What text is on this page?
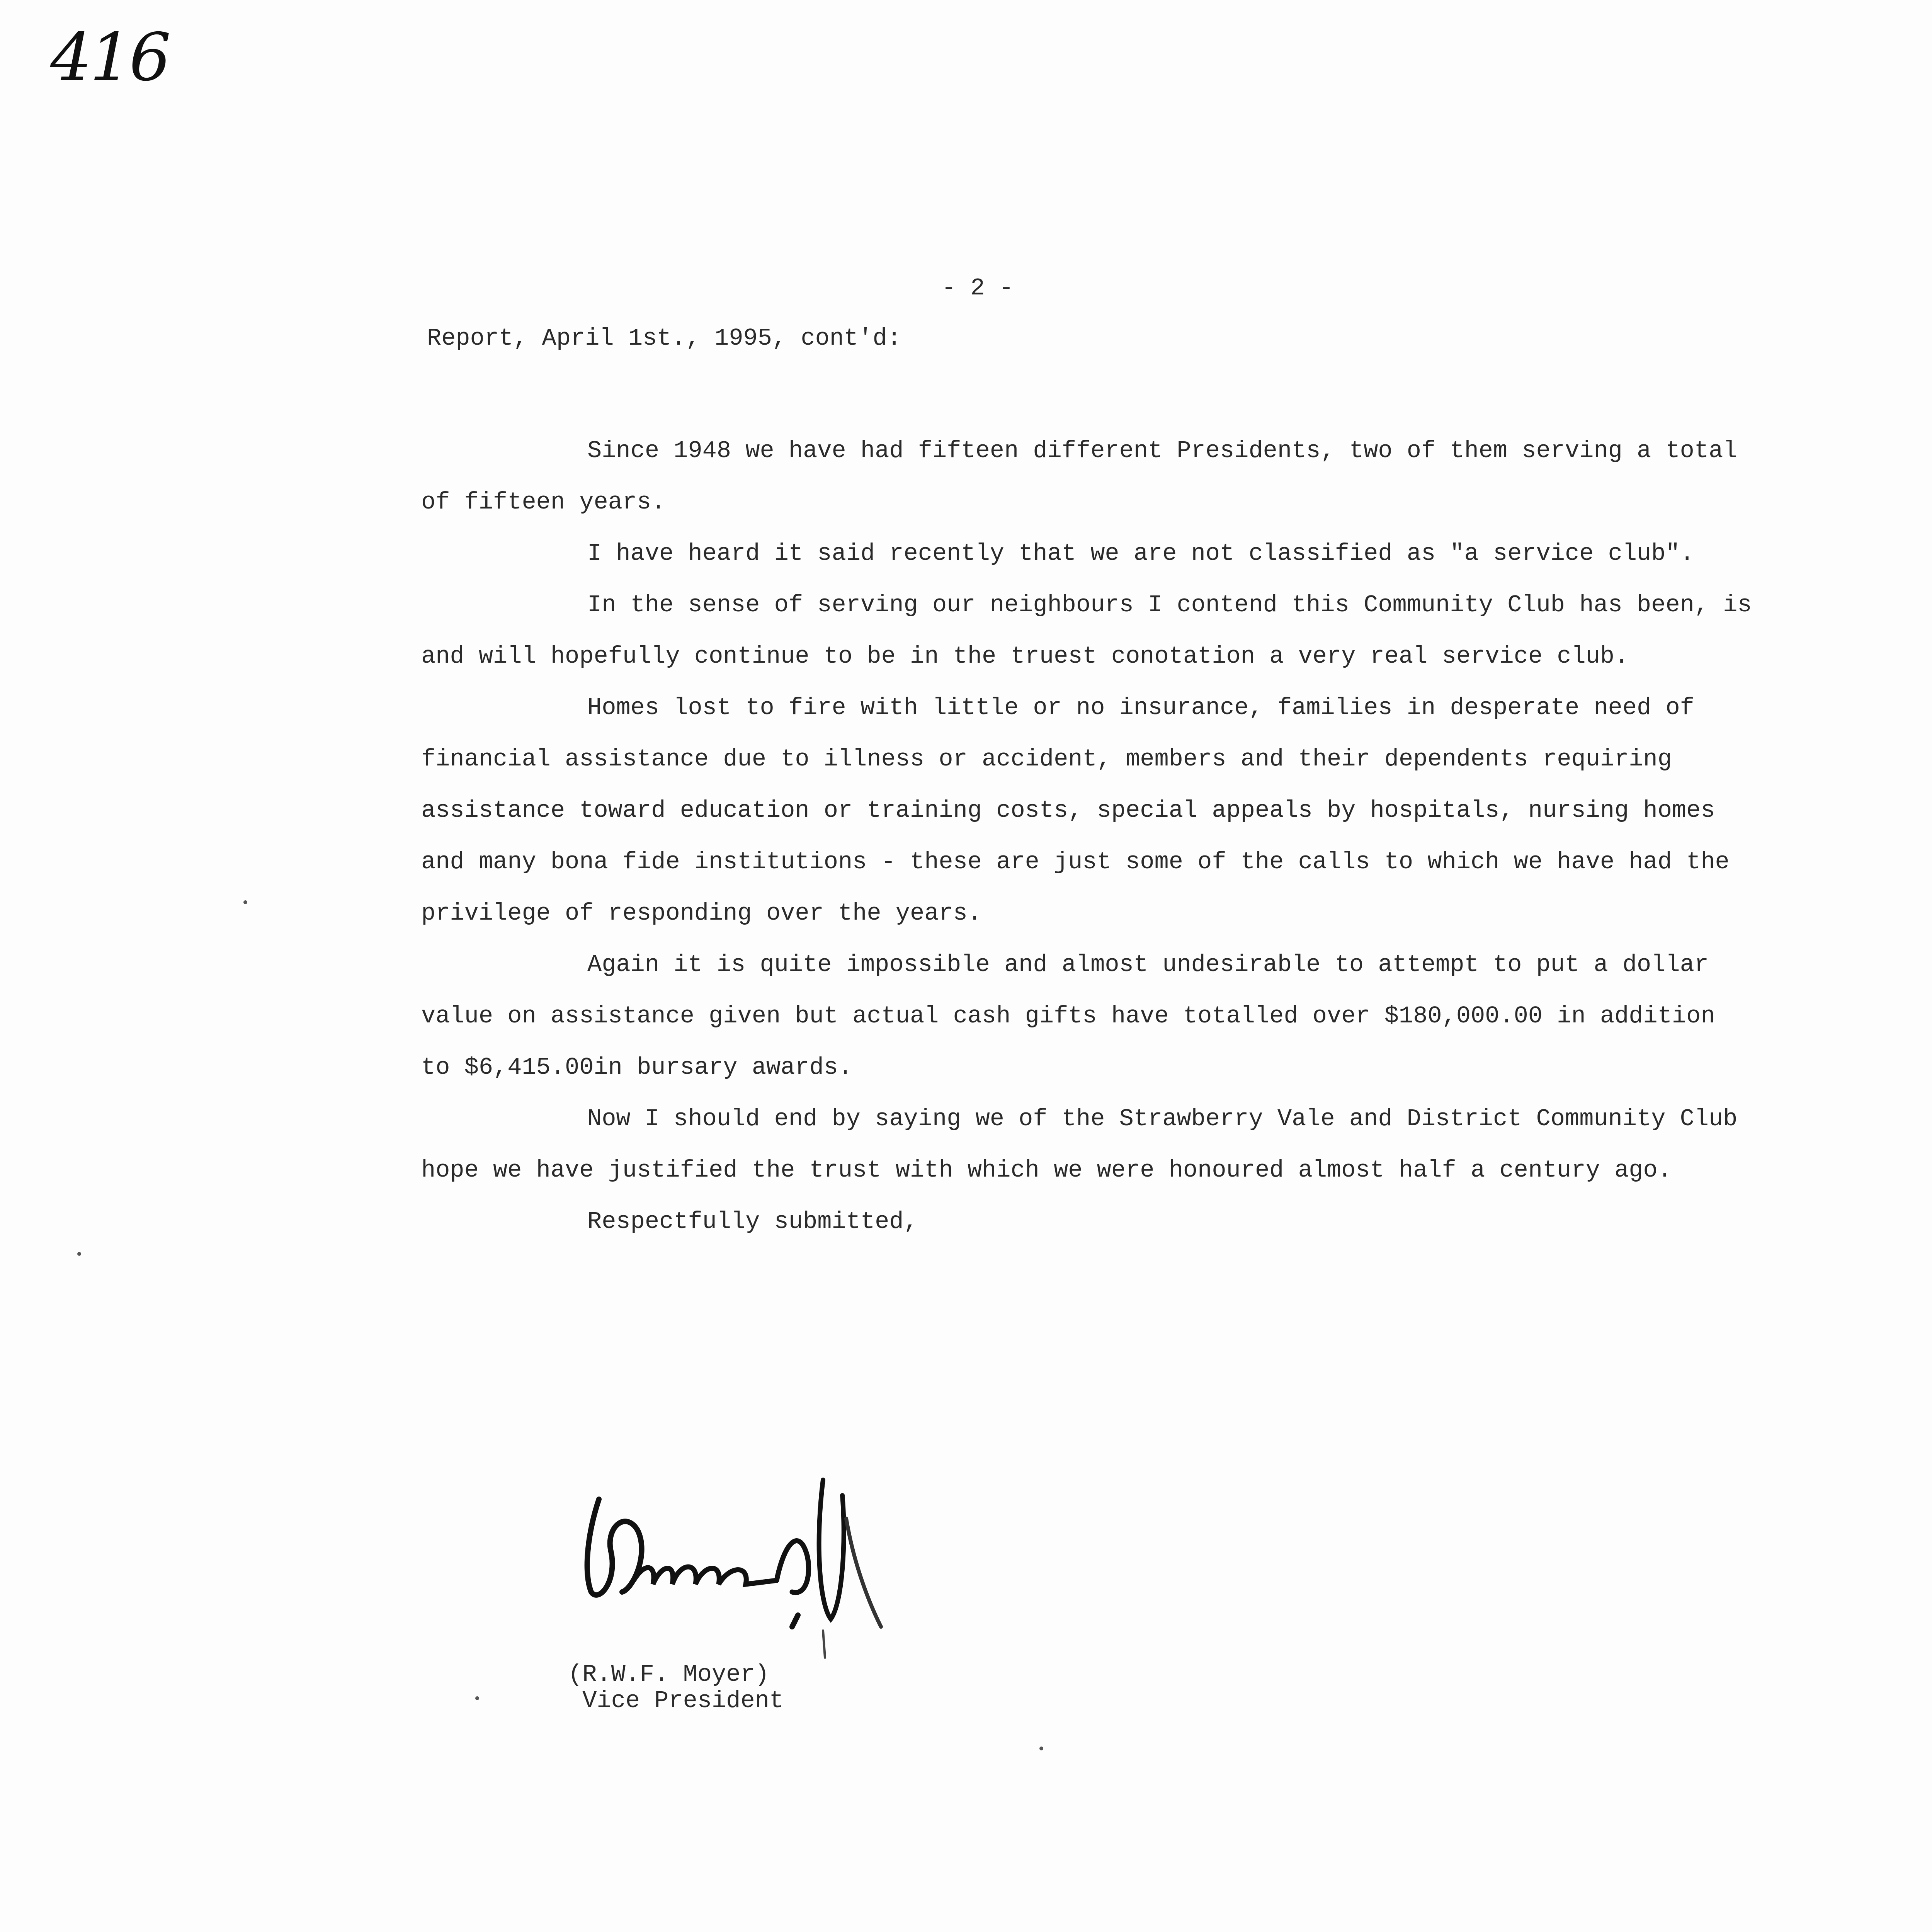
416
- 2 -
Report, April 1st., 1995, cont'd:

Since 1948 we have had fifteen different Presidents, two of them serving a total of fifteen years.

I have heard it said recently that we are not classified as "a service club".

In the sense of serving our neighbours I contend this Community Club has been, is and will hopefully continue to be in the truest conotation a very real service club.

Homes lost to fire with little or no insurance, families in desperate need of financial assistance due to illness or accident, members and their dependents requiring assistance toward education or training costs, special appeals by hospitals, nursing homes and many bona fide institutions - these are just some of the calls to which we have had the privilege of responding over the years.

Again it is quite impossible and almost undesirable to attempt to put a dollar value on assistance given but actual cash gifts have totalled over $180,000.00 in addition to $6,415.00in bursary awards.

Now I should end by saying we of the Strawberry Vale and District Community Club hope we have justified the trust with which we were honoured almost half a century ago.

Respectfully submitted,

(R.W.F. Moyer)
Vice President
